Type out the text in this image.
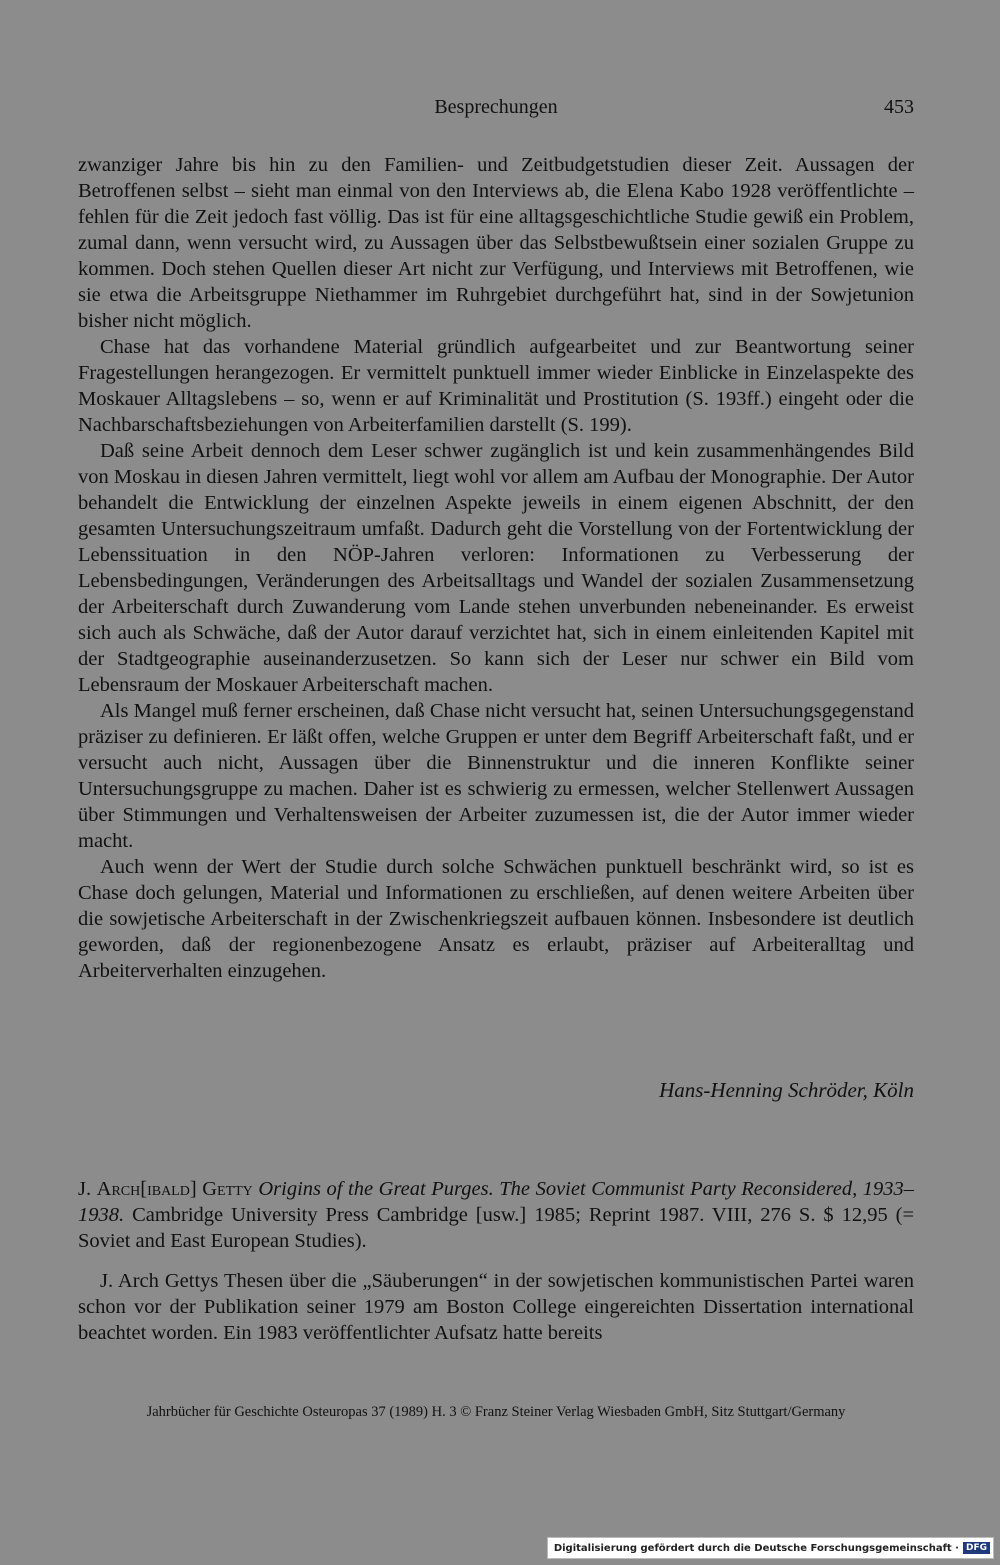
Besprechungen	453

zwanziger Jahre bis hin zu den Familien- und Zeitbudgetstudien dieser Zeit. Aussagen der Betroffenen selbst – sieht man einmal von den Interviews ab, die Elena Kabo 1928 veröffentlichte – fehlen für die Zeit jedoch fast völlig. Das ist für eine alltagsgeschichtliche Studie gewiß ein Problem, zumal dann, wenn versucht wird, zu Aussagen über das Selbstbewußtsein einer sozialen Gruppe zu kommen. Doch stehen Quellen dieser Art nicht zur Verfügung, und Interviews mit Betroffenen, wie sie etwa die Arbeitsgruppe Niethammer im Ruhrgebiet durchgeführt hat, sind in der Sowjetunion bisher nicht möglich.

Chase hat das vorhandene Material gründlich aufgearbeitet und zur Beantwortung seiner Fragestellungen herangezogen. Er vermittelt punktuell immer wieder Einblicke in Einzelaspekte des Moskauer Alltagslebens – so, wenn er auf Kriminalität und Prostitution (S. 193ff.) eingeht oder die Nachbarschaftsbeziehungen von Arbeiterfamilien darstellt (S. 199).

Daß seine Arbeit dennoch dem Leser schwer zugänglich ist und kein zusammenhängendes Bild von Moskau in diesen Jahren vermittelt, liegt wohl vor allem am Aufbau der Monographie. Der Autor behandelt die Entwicklung der einzelnen Aspekte jeweils in einem eigenen Abschnitt, der den gesamten Untersuchungszeitraum umfaßt. Dadurch geht die Vorstellung von der Fortentwicklung der Lebenssituation in den NÖP-Jahren verloren: Informationen zu Verbesserung der Lebensbedingungen, Veränderungen des Arbeitsalltags und Wandel der sozialen Zusammensetzung der Arbeiterschaft durch Zuwanderung vom Lande stehen unverbunden nebeneinander. Es erweist sich auch als Schwäche, daß der Autor darauf verzichtet hat, sich in einem einleitenden Kapitel mit der Stadtgeographie auseinanderzusetzen. So kann sich der Leser nur schwer ein Bild vom Lebensraum der Moskauer Arbeiterschaft machen.

Als Mangel muß ferner erscheinen, daß Chase nicht versucht hat, seinen Untersuchungsgegenstand präziser zu definieren. Er läßt offen, welche Gruppen er unter dem Begriff Arbeiterschaft faßt, und er versucht auch nicht, Aussagen über die Binnenstruktur und die inneren Konflikte seiner Untersuchungsgruppe zu machen. Daher ist es schwierig zu ermessen, welcher Stellenwert Aussagen über Stimmungen und Verhaltensweisen der Arbeiter zuzumessen ist, die der Autor immer wieder macht.

Auch wenn der Wert der Studie durch solche Schwächen punktuell beschränkt wird, so ist es Chase doch gelungen, Material und Informationen zu erschließen, auf denen weitere Arbeiten über die sowjetische Arbeiterschaft in der Zwischenkriegszeit aufbauen können. Insbesondere ist deutlich geworden, daß der regionenbezogene Ansatz es erlaubt, präziser auf Arbeiteralltag und Arbeiterverhalten einzugehen.

Hans-Henning Schröder, Köln
J. Arch[ibald] Getty Origins of the Great Purges. The Soviet Communist Party Reconsidered, 1933–1938. Cambridge University Press Cambridge [usw.] 1985; Reprint 1987. VIII, 276 S. $ 12,95 (= Soviet and East European Studies).

J. Arch Gettys Thesen über die „Säuberungen“ in der sowjetischen kommunistischen Partei waren schon vor der Publikation seiner 1979 am Boston College eingereichten Dissertation international beachtet worden. Ein 1983 veröffentlichter Aufsatz hatte bereits

Jahrbücher für Geschichte Osteuropas 37 (1989) H. 3 © Franz Steiner Verlag Wiesbaden GmbH, Sitz Stuttgart/Germany
Digitalisierung gefördert durch die Deutsche Forschungsgemeinschaft · DFG
